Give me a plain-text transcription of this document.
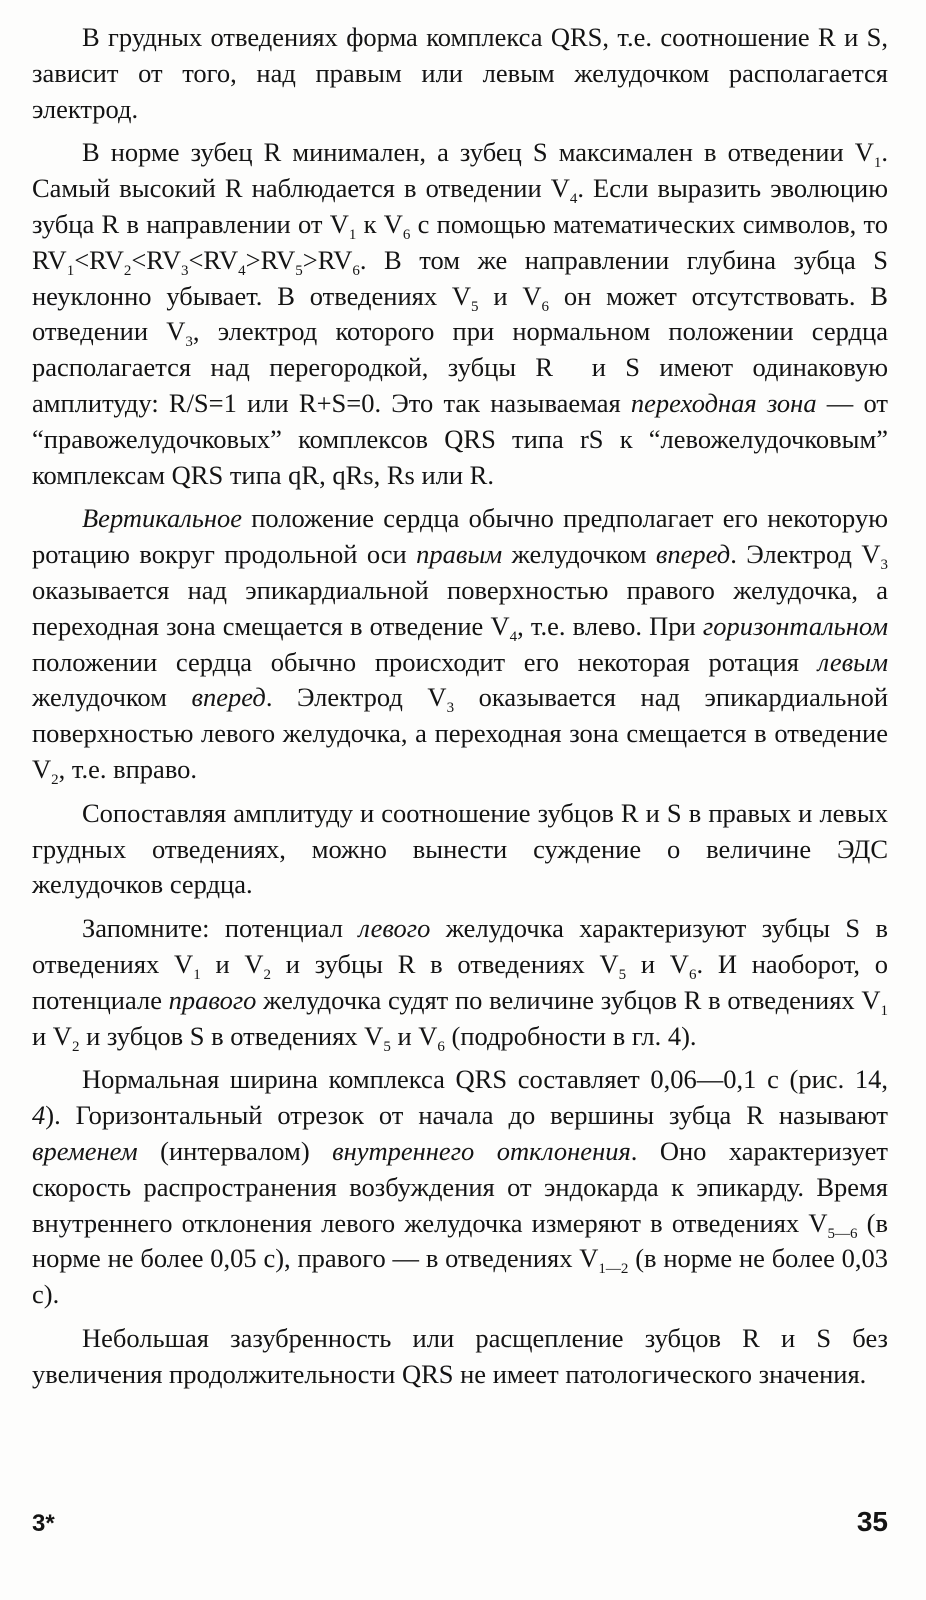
В грудных отведениях форма комплекса QRS, т.е. соотношение R и S, зависит от того, над правым или левым желудочком располагается электрод.

В норме зубец R минимален, а зубец S максимален в отведении $V_1$. Самый высокий R наблюдается в отведении $V_4$. Если выразить эволюцию зубца R в направлении от $V_1$ к $V_6$ с помощью математических символов, то  $RV_1<RV_2<RV_3<RV_4>RV_5>RV_6$. В том же направлении глубина зубца S неуклонно убывает. В отведениях $V_5$ и $V_6$ он может отсутствовать. В отведении $V_3$, электрод которого при нормальном положении сердца располагается над перегородкой, зубцы R  и S имеют одинаковую амплитуду: R/S=1 или R+S=0. Это так называемая переходная зона — от “правожелудочковых” комплексов QRS типа rS к “левожелудочковым” комплексам QRS типа qR, qRs, Rs или R.

Вертикальное положение сердца обычно предполагает его некоторую ротацию вокруг продольной оси правым желудочком вперед. Электрод $V_3$ оказывается над эпикардиальной поверхностью правого желудочка, а переходная зона смещается в отведение $V_4$, т.е. влево. При горизонтальном положении сердца обычно происходит его некоторая ротация левым желудочком вперед. Электрод $V_3$ оказывается над эпикардиальной поверхностью левого желудочка, а переходная зона смещается в отведение $V_2$, т.е. вправо.

Сопоставляя амплитуду и соотношение зубцов R и S в правых и левых грудных отведениях, можно вынести суждение о величине ЭДС желудочков сердца.

Запомните: потенциал левого желудочка характеризуют зубцы S в отведениях $V_1$ и $V_2$ и зубцы R в отведениях $V_5$ и $V_6$. И наоборот, о потенциале правого желудочка судят по величине зубцов R в отведениях $V_1$ и $V_2$ и зубцов S в отведениях $V_5$ и $V_6$ (подробности в гл. 4).

Нормальная ширина комплекса QRS составляет 0,06—0,1 с (рис. 14, 4). Горизонтальный отрезок от начала до вершины зубца R называют временем (интервалом) внутреннего отклонения. Оно характеризует скорость распространения возбуждения от эндокарда к эпикарду. Время внутреннего отклонения левого желудочка измеряют в отведениях $V_{5—6}$ (в норме не более 0,05 с), правого — в отведениях $V_{1—2}$ (в норме не более 0,03 с).

Небольшая зазубренность или расщепление зубцов R и S без увеличения продолжительности QRS не имеет патологического значения.

3*	35
